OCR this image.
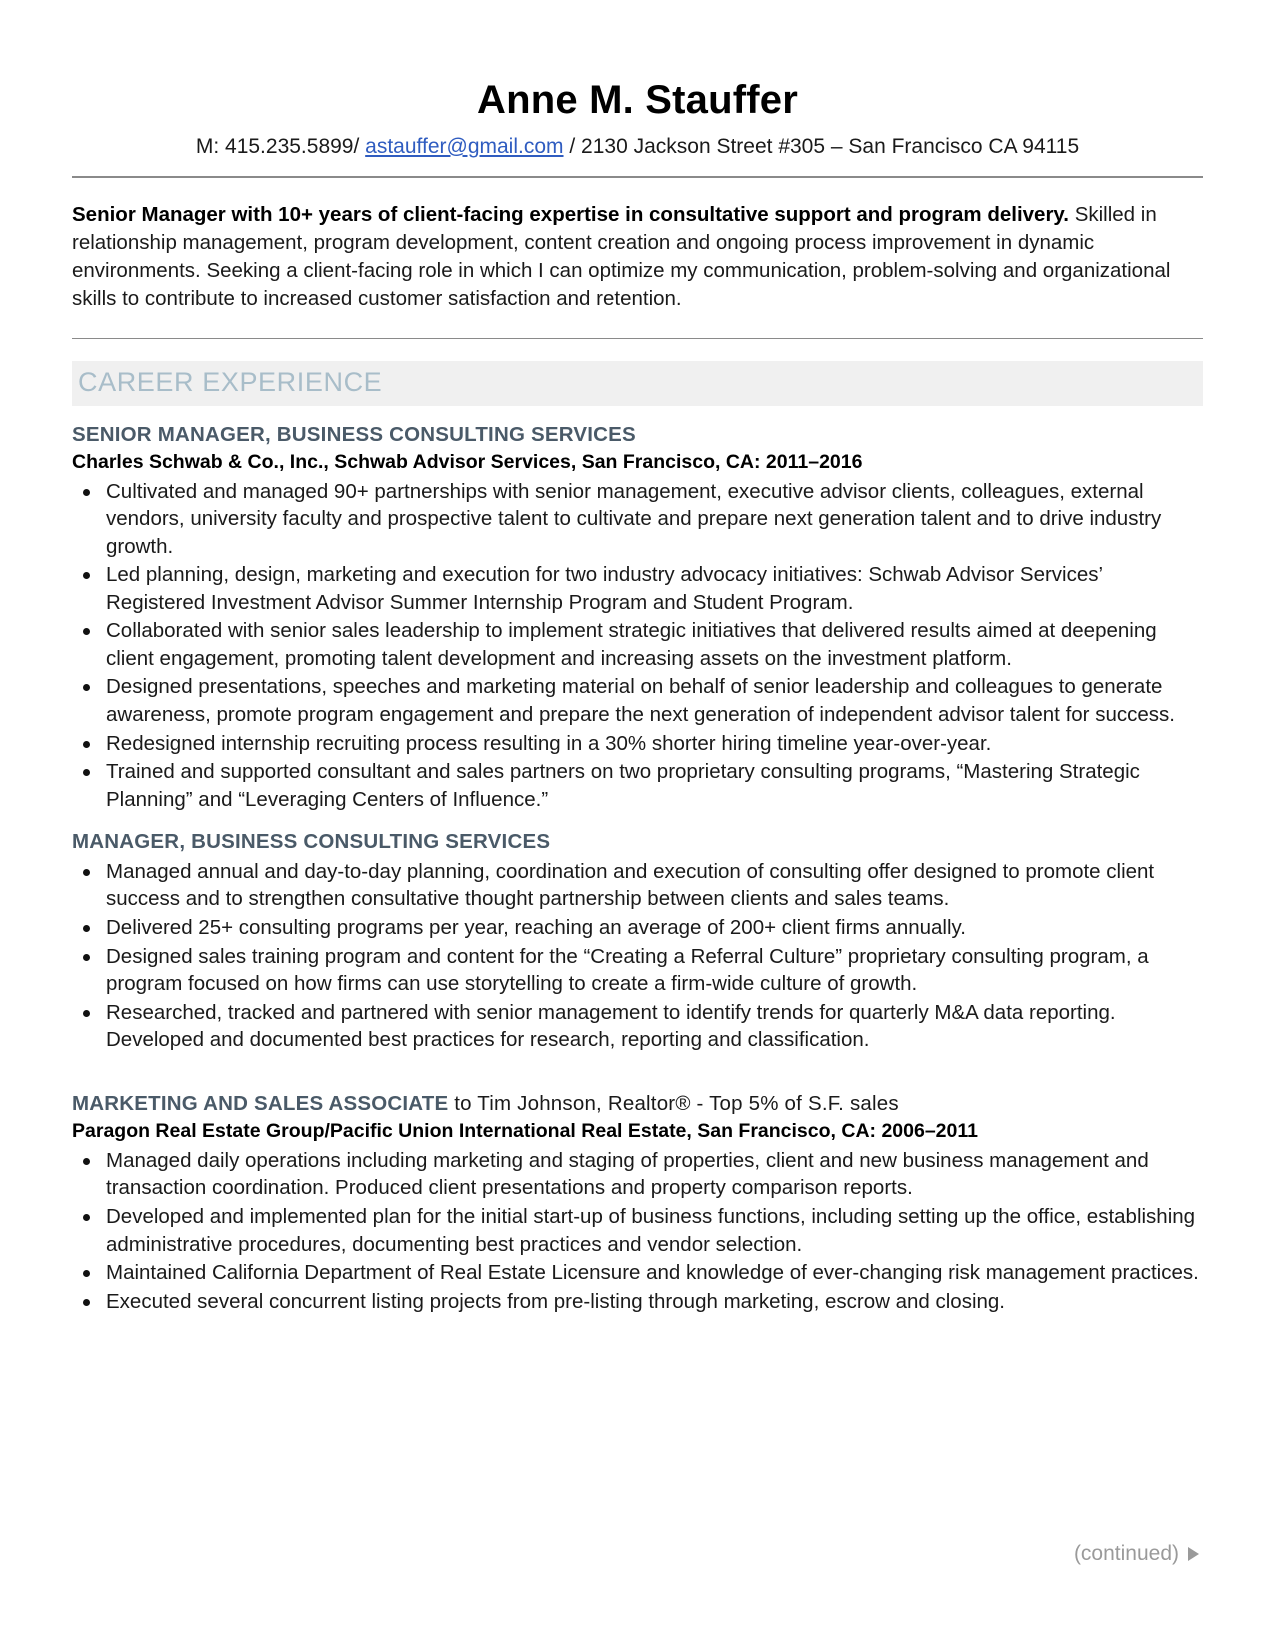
Anne M. Stauffer
M: 415.235.5899/ astauffer@gmail.com / 2130 Jackson Street #305 – San Francisco CA 94115

Senior Manager with 10+ years of client-facing expertise in consultative support and program delivery. Skilled in relationship management, program development, content creation and ongoing process improvement in dynamic environments. Seeking a client-facing role in which I can optimize my communication, problem-solving and organizational skills to contribute to increased customer satisfaction and retention.

CAREER EXPERIENCE
SENIOR MANAGER, BUSINESS CONSULTING SERVICES
Charles Schwab & Co., Inc., Schwab Advisor Services, San Francisco, CA: 2011–2016
Cultivated and managed 90+ partnerships with senior management, executive advisor clients, colleagues, external vendors, university faculty and prospective talent to cultivate and prepare next generation talent and to drive industry growth.
Led planning, design, marketing and execution for two industry advocacy initiatives: Schwab Advisor Services’ Registered Investment Advisor Summer Internship Program and Student Program.
Collaborated with senior sales leadership to implement strategic initiatives that delivered results aimed at deepening client engagement, promoting talent development and increasing assets on the investment platform.
Designed presentations, speeches and marketing material on behalf of senior leadership and colleagues to generate awareness, promote program engagement and prepare the next generation of independent advisor talent for success.
Redesigned internship recruiting process resulting in a 30% shorter hiring timeline year-over-year.
Trained and supported consultant and sales partners on two proprietary consulting programs, “Mastering Strategic Planning” and “Leveraging Centers of Influence.”
MANAGER, BUSINESS CONSULTING SERVICES
Managed annual and day-to-day planning, coordination and execution of consulting offer designed to promote client success and to strengthen consultative thought partnership between clients and sales teams.
Delivered 25+ consulting programs per year, reaching an average of 200+ client firms annually.
Designed sales training program and content for the “Creating a Referral Culture” proprietary consulting program, a program focused on how firms can use storytelling to create a firm-wide culture of growth.
Researched, tracked and partnered with senior management to identify trends for quarterly M&A data reporting. Developed and documented best practices for research, reporting and classification.
MARKETING AND SALES ASSOCIATE to Tim Johnson, Realtor® - Top 5% of S.F. sales
Paragon Real Estate Group/Pacific Union International Real Estate, San Francisco, CA: 2006–2011
Managed daily operations including marketing and staging of properties, client and new business management and transaction coordination. Produced client presentations and property comparison reports.
Developed and implemented plan for the initial start-up of business functions, including setting up the office, establishing administrative procedures, documenting best practices and vendor selection.
Maintained California Department of Real Estate Licensure and knowledge of ever-changing risk management practices.
Executed several concurrent listing projects from pre-listing through marketing, escrow and closing.
(continued)
